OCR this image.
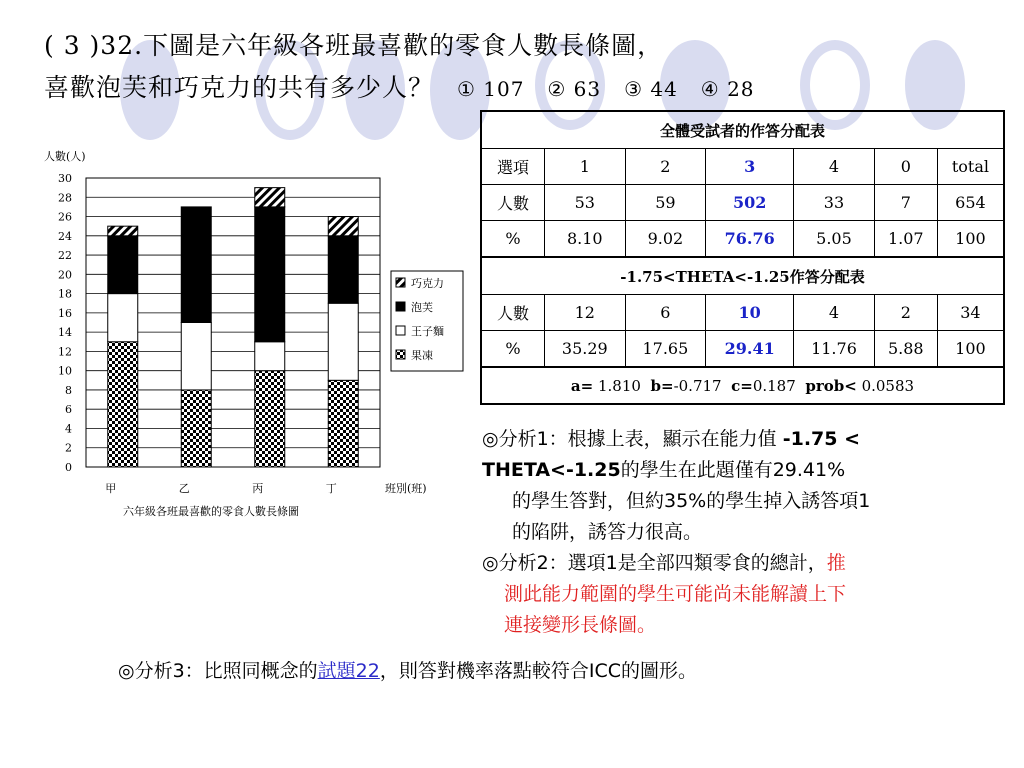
( 3 )32.下圖是六年級各班最喜歡的零食人數長條圖，
喜歡泡芙和巧克力的共有多少人？ ① 107 ② 63 ③ 44 ④ 28
0
2
4
6
8
10
12
14
16
18
20
22
24
26
28
30
人數(人)
甲	乙	丙	丁	班別(班)
六年級各班最喜歡的零食人數長條圖
巧克力
泡芙
王子麵
果凍
全體受試者的作答分配表						
選項	1	2	3	4	0	total
人數	53	59	502	33	7	654
%	8.10	9.02	76.76	5.05	1.07	100
-1.75<THETA<-1.25作答分配表						
人數	12	6	10	4	2	34
%	35.29	17.65	29.41	11.76	5.88	100
a= 1.810 b=-0.717 c=0.187 prob< 0.0583						
◎分析1：根據上表，顯示在能力值 -1.75 < THETA<-1.25的學生在此題僅有29.41%
的學生答對，但約35%的學生掉入誘答項1
的陷阱，誘答力很高。
◎分析2：選項1是全部四類零食的總計，推
測此能力範圍的學生可能尚未能解讀上下
連接變形長條圖。
◎分析3：比照同概念的試題22，則答對機率落點較符合ICC的圖形。
